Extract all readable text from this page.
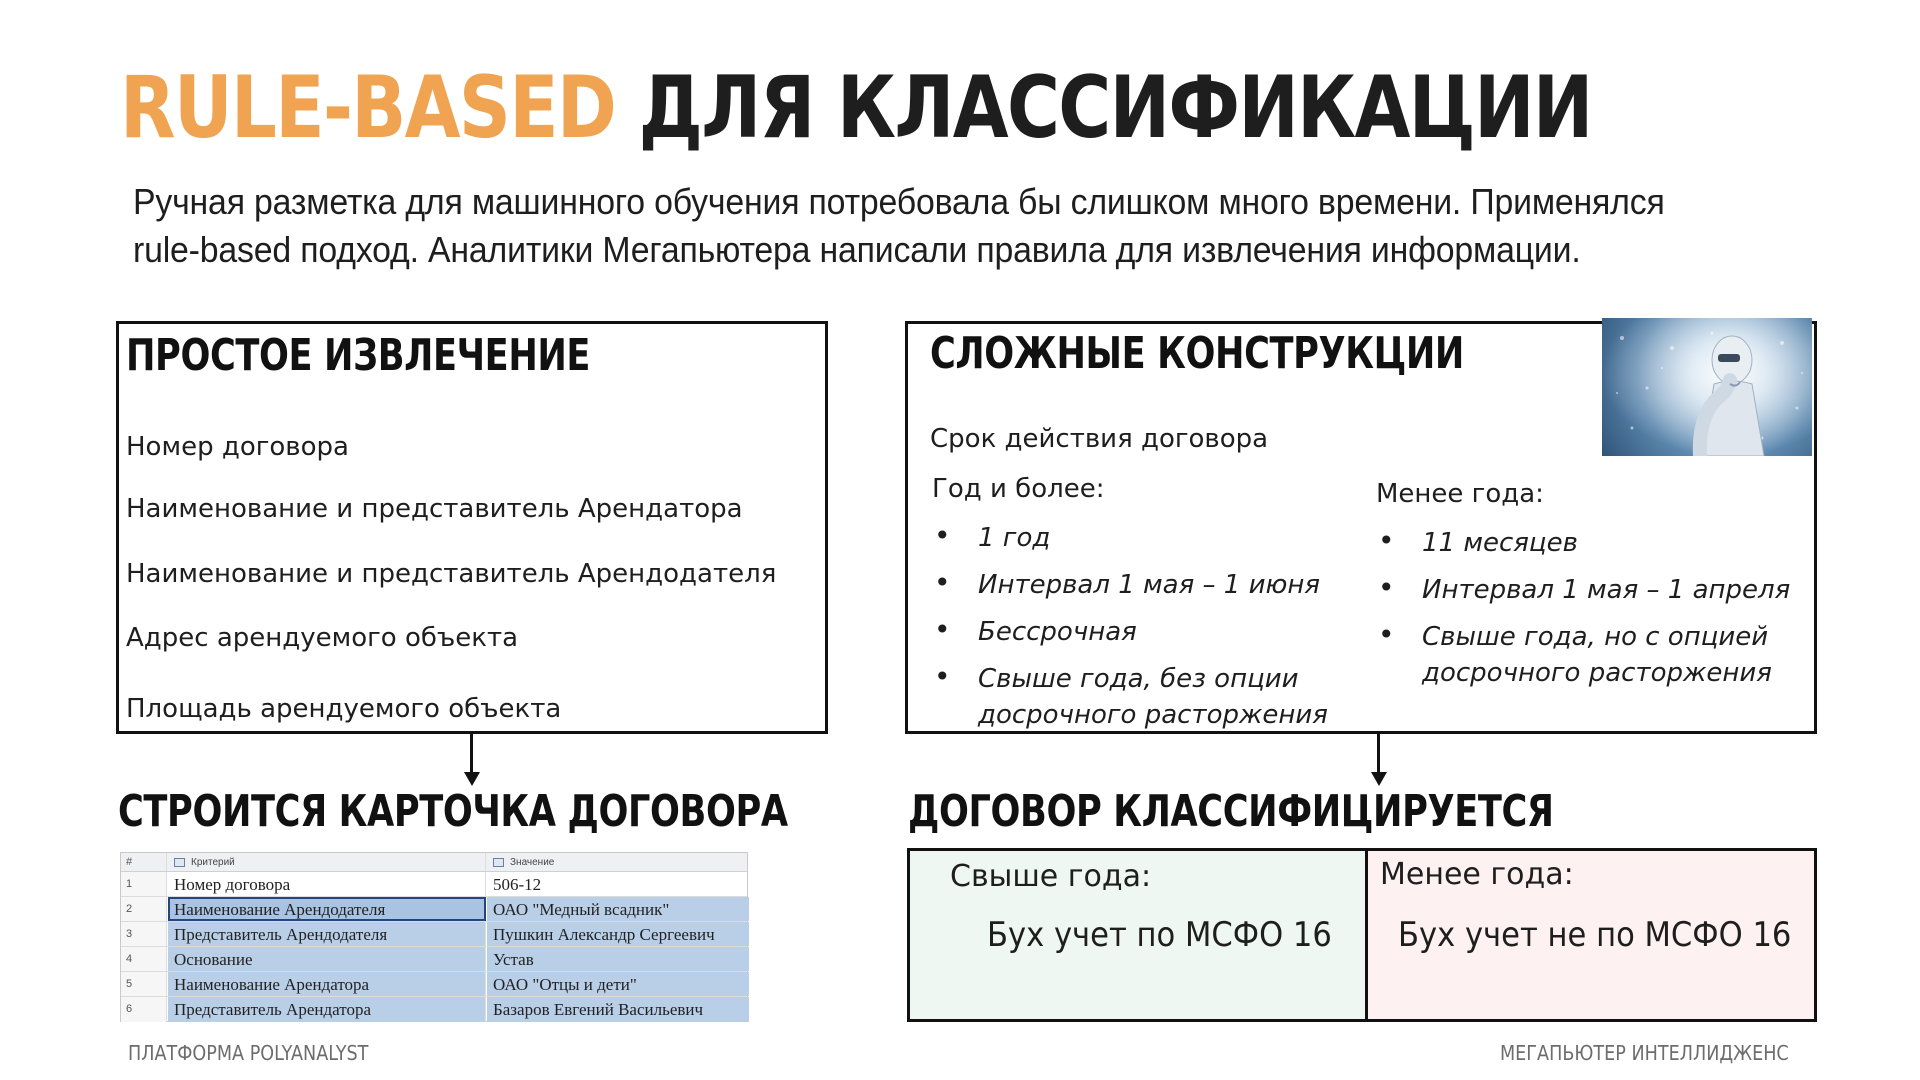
RULE-BASED ДЛЯ КЛАССИФИКАЦИИ

Ручная разметка для машинного обучения потребовала бы слишком много времени. Применялся

rule-based подход. Аналитики Мегапьютера написали правила для извлечения информации.

ПРОСТОЕ ИЗВЛЕЧЕНИЕ
Номер договора
Наименование и представитель Арендатора
Наименование и представитель Арендодателя
Адрес арендуемого объекта
Площадь арендуемого объекта
СЛОЖНЫЕ КОНСТРУКЦИИ
Срок действия договора
Год и более:
• 1 год
• Интервал 1 мая – 1 июня
• Бессрочная
• Свыше года, без опции досрочного расторжения
Менее года:
• 11 месяцев
• Интервал 1 мая – 1 апреля
• Свыше года, но с опцией досрочного расторжения
СТРОИТСЯ КАРТОЧКА ДОГОВОРА	ДОГОВОР КЛАССИФИЦИРУЕТСЯ
#	Критерий	Значение
1	Номер договора	506-12
2	Наименование Арендодателя	ОАО "Медный всадник"
3	Представитель Арендодателя	Пушкин Александр Сергеевич
4	Основание	Устав
5	Наименование Арендатора	ОАО "Отцы и дети"
6	Представитель Арендатора	Базаров Евгений Васильевич
Свыше года:
Бух учет по МСФО 16
Менее года:
Бух учет не по МСФО 16
ПЛАТФОРМА POLYANALYST	МЕГАПЬЮТЕР ИНТЕЛЛИДЖЕНС
